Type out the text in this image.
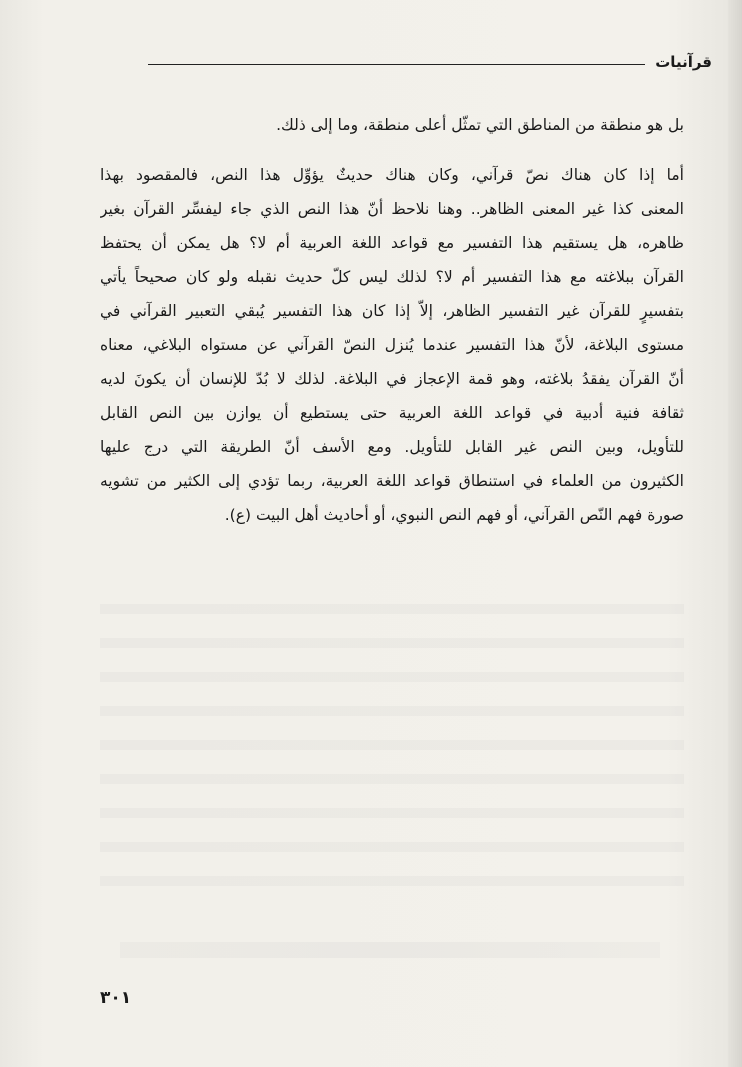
قرآنيات

بل هو منطقة من المناطق التي تمثّل أعلى منطقة، وما إلى ذلك.

أما إذا كان هناك نصّ قرآني، وكان هناك حديثٌ يؤوِّل هذا النص، فالمقصود بهذا
المعنى كذا غير المعنى الظاهر.. وهنا نلاحظ أنّ هذا النص الذي جاء ليفسِّر القرآن بغير
ظاهره، هل يستقيم هذا التفسير مع قواعد اللغة العربية أم لا؟ هل يمكن أن يحتفظ
القرآن ببلاغته مع هذا التفسير أم لا؟ لذلك ليس كلّ حديث نقبله ولو كان صحيحاً يأتي
بتفسيرٍ للقرآن غير التفسير الظاهر، إلاّ إذا كان هذا التفسير يُبقي التعبير القرآني في
مستوى البلاغة، لأنّ هذا التفسير عندما يُنزل النصّ القرآني عن مستواه البلاغي، معناه
أنّ القرآن يفقدُ بلاغته، وهو قمة الإعجاز في البلاغة. لذلك لا بُدّ للإنسان أن يكونَ لديه
ثقافة فنية أدبية في قواعد اللغة العربية حتى يستطيع أن يوازن بين النص القابل
للتأويل، وبين النص غير القابل للتأويل. ومع الأسف أنّ الطريقة التي درج عليها
الكثيرون من العلماء في استنطاق قواعد اللغة العربية، ربما تؤدي إلى الكثير من تشويه
صورة فهم النّص القرآني، أو فهم النص النبوي، أو أحاديث أهل البيت (ع).

٣٠١
